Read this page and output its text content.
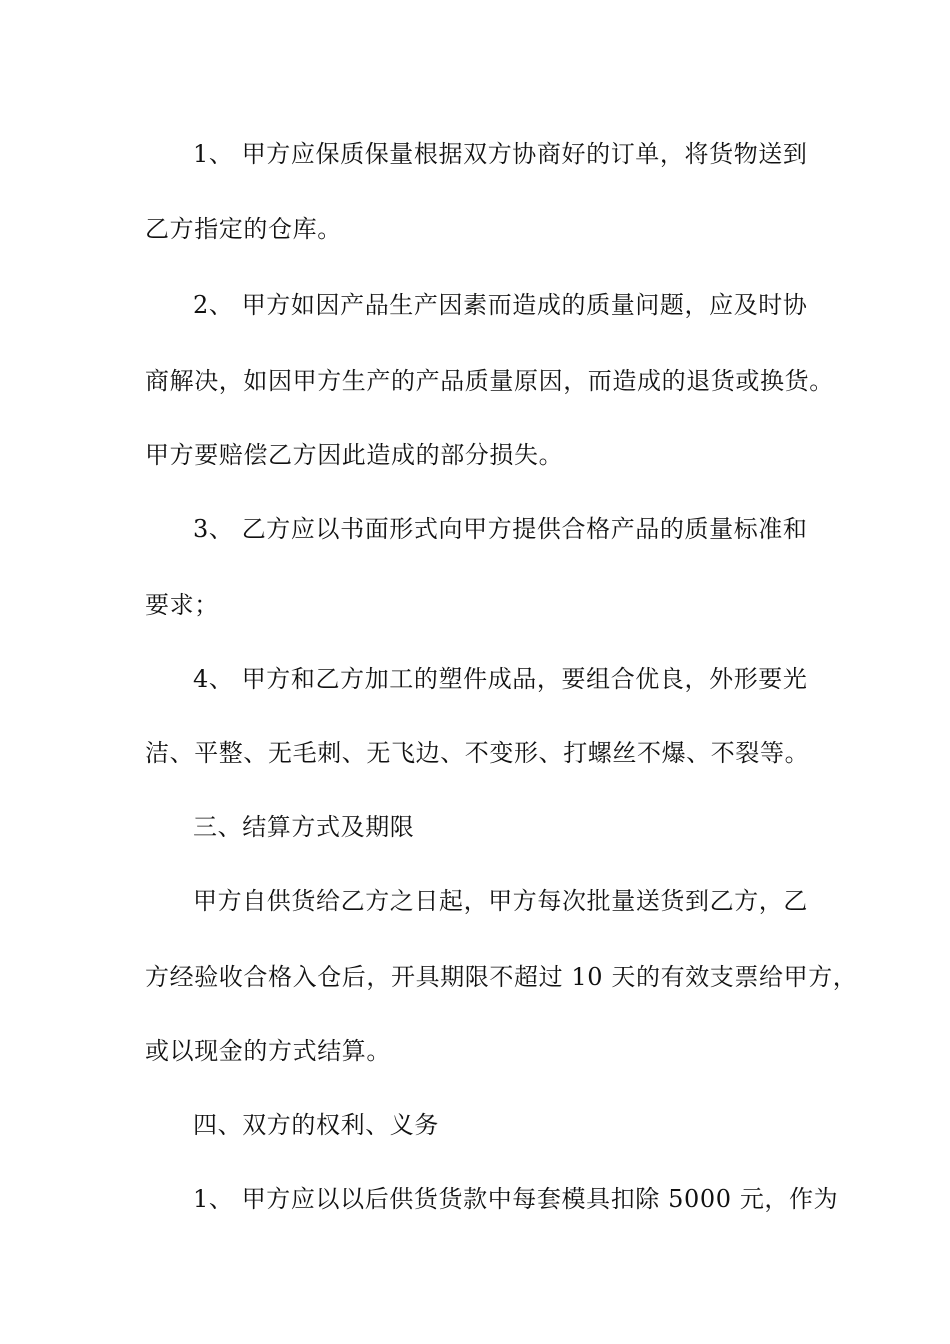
1、 甲方应保质保量根据双方协商好的订单，将货物送到
乙方指定的仓库。
2、 甲方如因产品生产因素而造成的质量问题，应及时协
商解决，如因甲方生产的产品质量原因，而造成的退货或换货。
甲方要赔偿乙方因此造成的部分损失。
3、 乙方应以书面形式向甲方提供合格产品的质量标准和
要求；
4、 甲方和乙方加工的塑件成品，要组合优良，外形要光
洁、平整、无毛刺、无飞边、不变形、打螺丝不爆、不裂等。
三、结算方式及期限
甲方自供货给乙方之日起，甲方每次批量送货到乙方，乙
方经验收合格入仓后，开具期限不超过 10 天的有效支票给甲方，
或以现金的方式结算。
四、双方的权利、义务
1、 甲方应以以后供货货款中每套模具扣除 5000 元，作为
